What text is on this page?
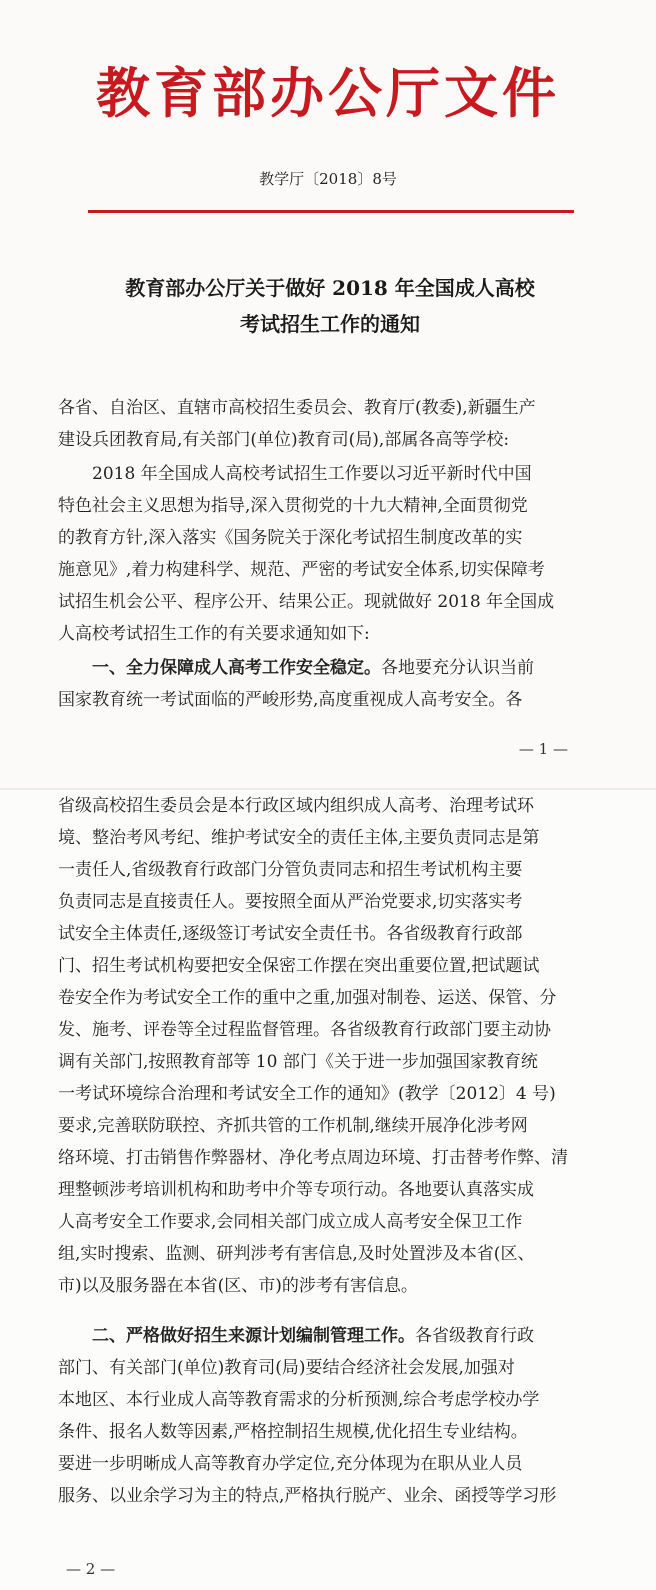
教育部办公厅文件
教学厅〔2018〕8号
教育部办公厅关于做好 2018 年全国成人高校
考试招生工作的通知
各省、自治区、直辖市高校招生委员会、教育厅(教委),新疆生产
建设兵团教育局,有关部门(单位)教育司(局),部属各高等学校:
2018 年全国成人高校考试招生工作要以习近平新时代中国
特色社会主义思想为指导,深入贯彻党的十九大精神,全面贯彻党
的教育方针,深入落实《国务院关于深化考试招生制度改革的实
施意见》,着力构建科学、规范、严密的考试安全体系,切实保障考
试招生机会公平、程序公开、结果公正。现就做好 2018 年全国成
人高校考试招生工作的有关要求通知如下:
一、全力保障成人高考工作安全稳定。各地要充分认识当前
国家教育统一考试面临的严峻形势,高度重视成人高考安全。各
— 1 —
省级高校招生委员会是本行政区域内组织成人高考、治理考试环
境、整治考风考纪、维护考试安全的责任主体,主要负责同志是第
一责任人,省级教育行政部门分管负责同志和招生考试机构主要
负责同志是直接责任人。要按照全面从严治党要求,切实落实考
试安全主体责任,逐级签订考试安全责任书。各省级教育行政部
门、招生考试机构要把安全保密工作摆在突出重要位置,把试题试
卷安全作为考试安全工作的重中之重,加强对制卷、运送、保管、分
发、施考、评卷等全过程监督管理。各省级教育行政部门要主动协
调有关部门,按照教育部等 10 部门《关于进一步加强国家教育统
一考试环境综合治理和考试安全工作的通知》(教学〔2012〕4 号)
要求,完善联防联控、齐抓共管的工作机制,继续开展净化涉考网
络环境、打击销售作弊器材、净化考点周边环境、打击替考作弊、清
理整顿涉考培训机构和助考中介等专项行动。各地要认真落实成
人高考安全工作要求,会同相关部门成立成人高考安全保卫工作
组,实时搜索、监测、研判涉考有害信息,及时处置涉及本省(区、
市)以及服务器在本省(区、市)的涉考有害信息。
二、严格做好招生来源计划编制管理工作。各省级教育行政
部门、有关部门(单位)教育司(局)要结合经济社会发展,加强对
本地区、本行业成人高等教育需求的分析预测,综合考虑学校办学
条件、报名人数等因素,严格控制招生规模,优化招生专业结构。
要进一步明晰成人高等教育办学定位,充分体现为在职从业人员
服务、以业余学习为主的特点,严格执行脱产、业余、函授等学习形
— 2 —
